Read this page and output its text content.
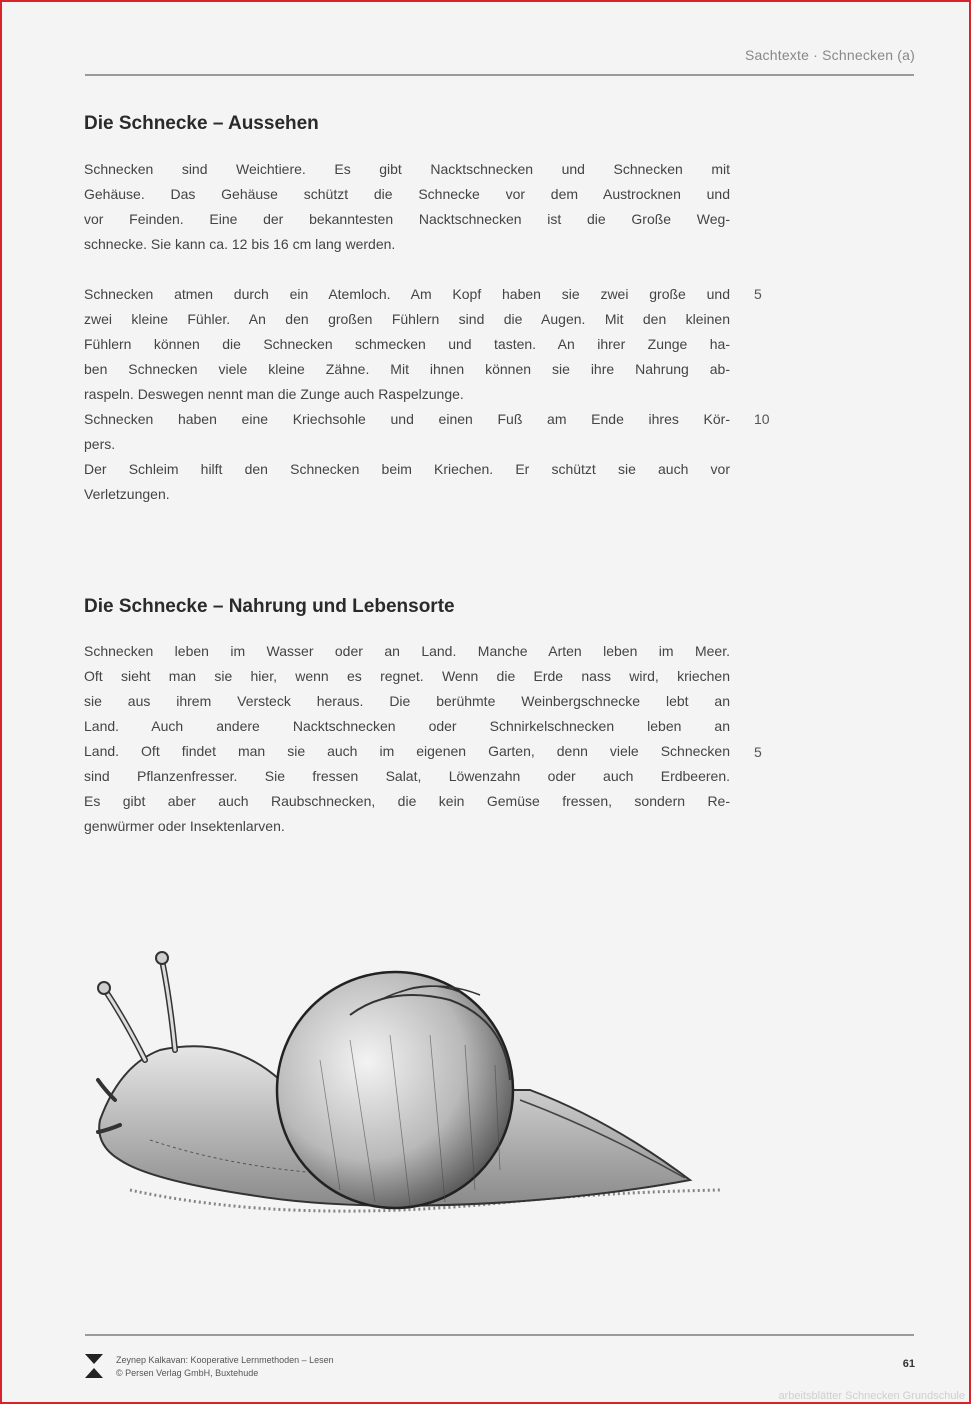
Sachtexte · Schnecken (a)
Die Schnecke – Aussehen
Schnecken sind Weichtiere. Es gibt Nacktschnecken und Schnecken mit
Gehäuse. Das Gehäuse schützt die Schnecke vor dem Austrocknen und
vor Feinden. Eine der bekanntesten Nacktschnecken ist die Große Weg-
schnecke. Sie kann ca. 12 bis 16 cm lang werden.
Schnecken atmen durch ein Atemloch. Am Kopf haben sie zwei große und
zwei kleine Fühler. An den großen Fühlern sind die Augen. Mit den kleinen
Fühlern können die Schnecken schmecken und tasten. An ihrer Zunge ha-
ben Schnecken viele kleine Zähne. Mit ihnen können sie ihre Nahrung ab-
raspeln. Deswegen nennt man die Zunge auch Raspelzunge.
Schnecken haben eine Kriechsohle und einen Fuß am Ende ihres Kör-
pers.
Der Schleim hilft den Schnecken beim Kriechen. Er schützt sie auch vor
Verletzungen.
5
10
Die Schnecke – Nahrung und Lebensorte
Schnecken leben im Wasser oder an Land. Manche Arten leben im Meer.
Oft sieht man sie hier, wenn es regnet. Wenn die Erde nass wird, kriechen
sie aus ihrem Versteck heraus. Die berühmte Weinbergschnecke lebt an
Land. Auch andere Nacktschnecken oder Schnirkelschnecken leben an
Land. Oft findet man sie auch im eigenen Garten, denn viele Schnecken
sind Pflanzenfresser. Sie fressen Salat, Löwenzahn oder auch Erdbeeren.
Es gibt aber auch Raubschnecken, die kein Gemüse fressen, sondern Re-
genwürmer oder Insektenlarven.
5
Zeynep Kalkavan: Kooperative Lernmethoden – Lesen
© Persen Verlag GmbH, Buxtehude
61
arbeitsblätter Schnecken Grundschule
